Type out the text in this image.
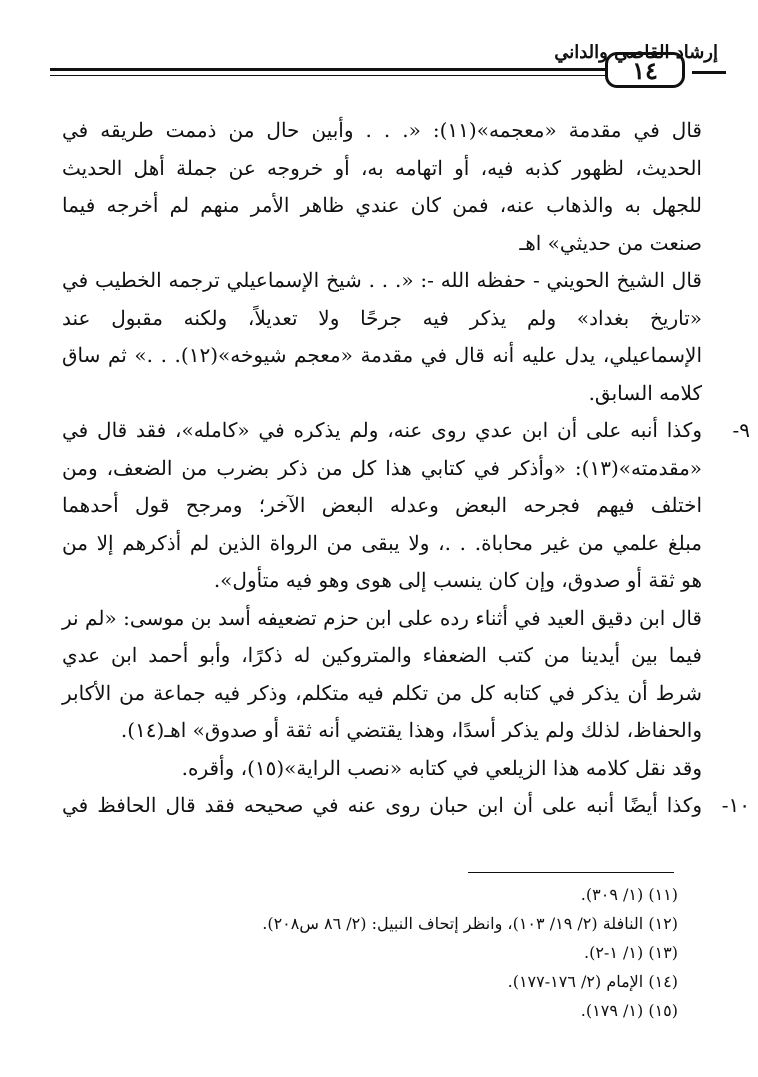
إرشاد القاصي والداني
١٤
قال في مقدمة «معجمه»(١١): «. . . وأبين حال من ذممت طريقه في
الحديث، لظهور كذبه فيه، أو اتهامه به، أو خروجه عن جملة أهل الحديث
للجهل به والذهاب عنه، فمن كان عندي ظاهر الأمر منهم لم أخرجه فيما
صنعت من حديثي» اهـ
قال الشيخ الحويني - حفظه الله -: «. . . شيخ الإسماعيلي ترجمه الخطيب في
«تاريخ بغداد» ولم يذكر فيه جرحًا ولا تعديلاً، ولكنه مقبول عند
الإسماعيلي، يدل عليه أنه قال في مقدمة «معجم شيوخه»(١٢). . .» ثم ساق
كلامه السابق.
٩-
وكذا أنبه على أن ابن عدي روى عنه، ولم يذكره في «كامله»، فقد قال في
«مقدمته»(١٣): «وأذكر في كتابي هذا كل من ذكر بضرب من الضعف، ومن
اختلف فيهم فجرحه البعض وعدله البعض الآخر؛ ومرجح قول أحدهما
مبلغ علمي من غير محاباة. . .، ولا يبقى من الرواة الذين لم أذكرهم إلا من
هو ثقة أو صدوق، وإن كان ينسب إلى هوى وهو فيه متأول».
قال ابن دقيق العيد في أثناء رده على ابن حزم تضعيفه أسد بن موسى: «لم نر
فيما بين أيدينا من كتب الضعفاء والمتروكين له ذكرًا، وأبو أحمد ابن عدي
شرط أن يذكر في كتابه كل من تكلم فيه متكلم، وذكر فيه جماعة من الأكابر
والحفاظ، لذلك ولم يذكر أسدًا، وهذا يقتضي أنه ثقة أو صدوق» اهـ(١٤).
وقد نقل كلامه هذا الزيلعي في كتابه «نصب الراية»(١٥)، وأقره.
١٠-
وكذا أيضًا أنبه على أن ابن حبان روى عنه في صحيحه فقد قال الحافظ في
(١١) (١/ ٣٠٩).
(١٢) النافلة (٢/ ١٩/ ١٠٣)، وانظر إتحاف النبيل: (٢/ ٨٦ س٢٠٨).
(١٣) (١/ ١-٢).
(١٤) الإمام (٢/ ١٧٦-١٧٧).
(١٥) (١/ ١٧٩).
